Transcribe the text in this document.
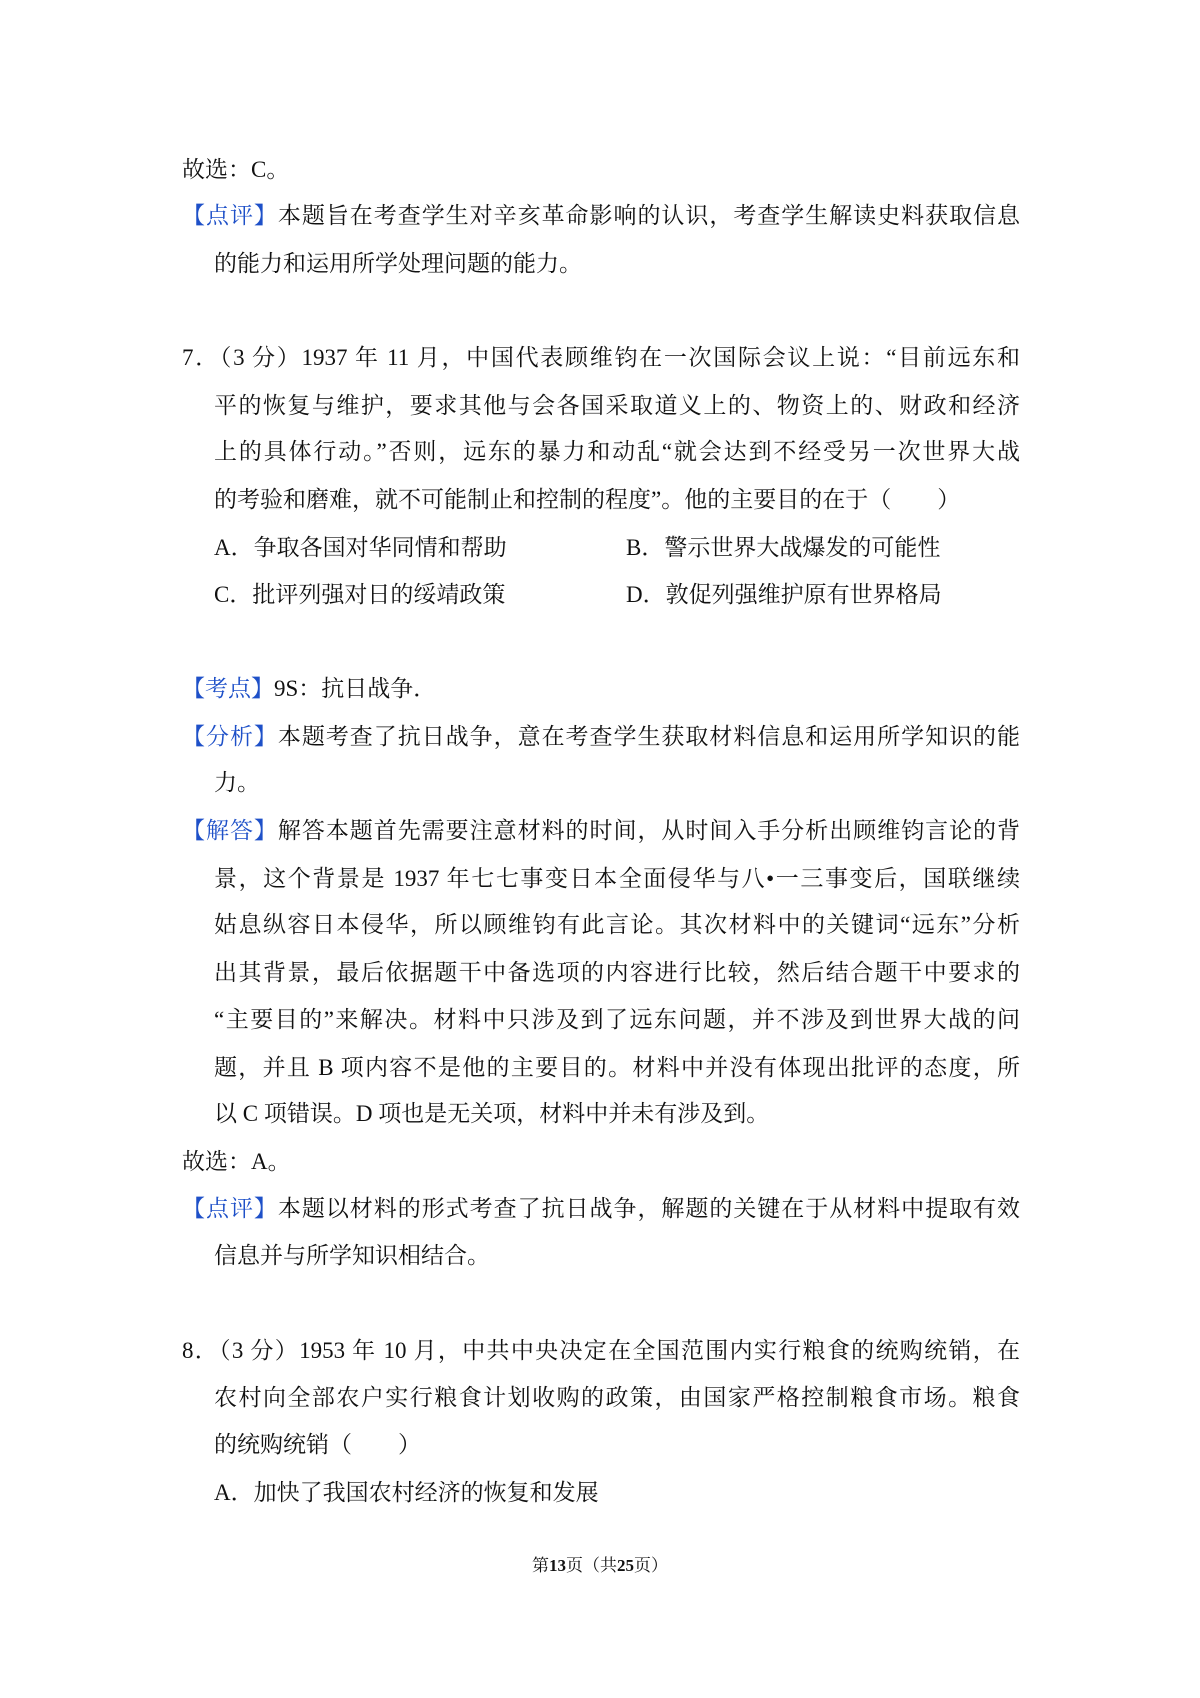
故选：C。
【点评】本题旨在考查学生对辛亥革命影响的认识，考查学生解读史料获取信息
的能力和运用所学处理问题的能力。
7．（3 分）1937 年 11 月，中国代表顾维钧在一次国际会议上说：“目前远东和
平的恢复与维护，要求其他与会各国采取道义上的、物资上的、财政和经济
上的具体行动。”否则，远东的暴力和动乱“就会达到不经受另一次世界大战
的考验和磨难，就不可能制止和控制的程度”。他的主要目的在于（　　）
A．争取各国对华同情和帮助	B．警示世界大战爆发的可能性
C．批评列强对日的绥靖政策	D．敦促列强维护原有世界格局
【考点】9S：抗日战争．
【分析】本题考查了抗日战争，意在考查学生获取材料信息和运用所学知识的能
力。
【解答】解答本题首先需要注意材料的时间，从时间入手分析出顾维钧言论的背
景，这个背景是 1937 年七七事变日本全面侵华与八•一三事变后，国联继续
姑息纵容日本侵华，所以顾维钧有此言论。其次材料中的关键词“远东”分析
出其背景，最后依据题干中备选项的内容进行比较，然后结合题干中要求的
“主要目的”来解决。材料中只涉及到了远东问题，并不涉及到世界大战的问
题，并且 B 项内容不是他的主要目的。材料中并没有体现出批评的态度，所
以 C 项错误。D 项也是无关项，材料中并未有涉及到。
故选：A。
【点评】本题以材料的形式考查了抗日战争，解题的关键在于从材料中提取有效
信息并与所学知识相结合。
8．（3 分）1953 年 10 月，中共中央决定在全国范围内实行粮食的统购统销，在
农村向全部农户实行粮食计划收购的政策，由国家严格控制粮食市场。粮食
的统购统销（　　）
A．加快了我国农村经济的恢复和发展
第13页（共25页）
